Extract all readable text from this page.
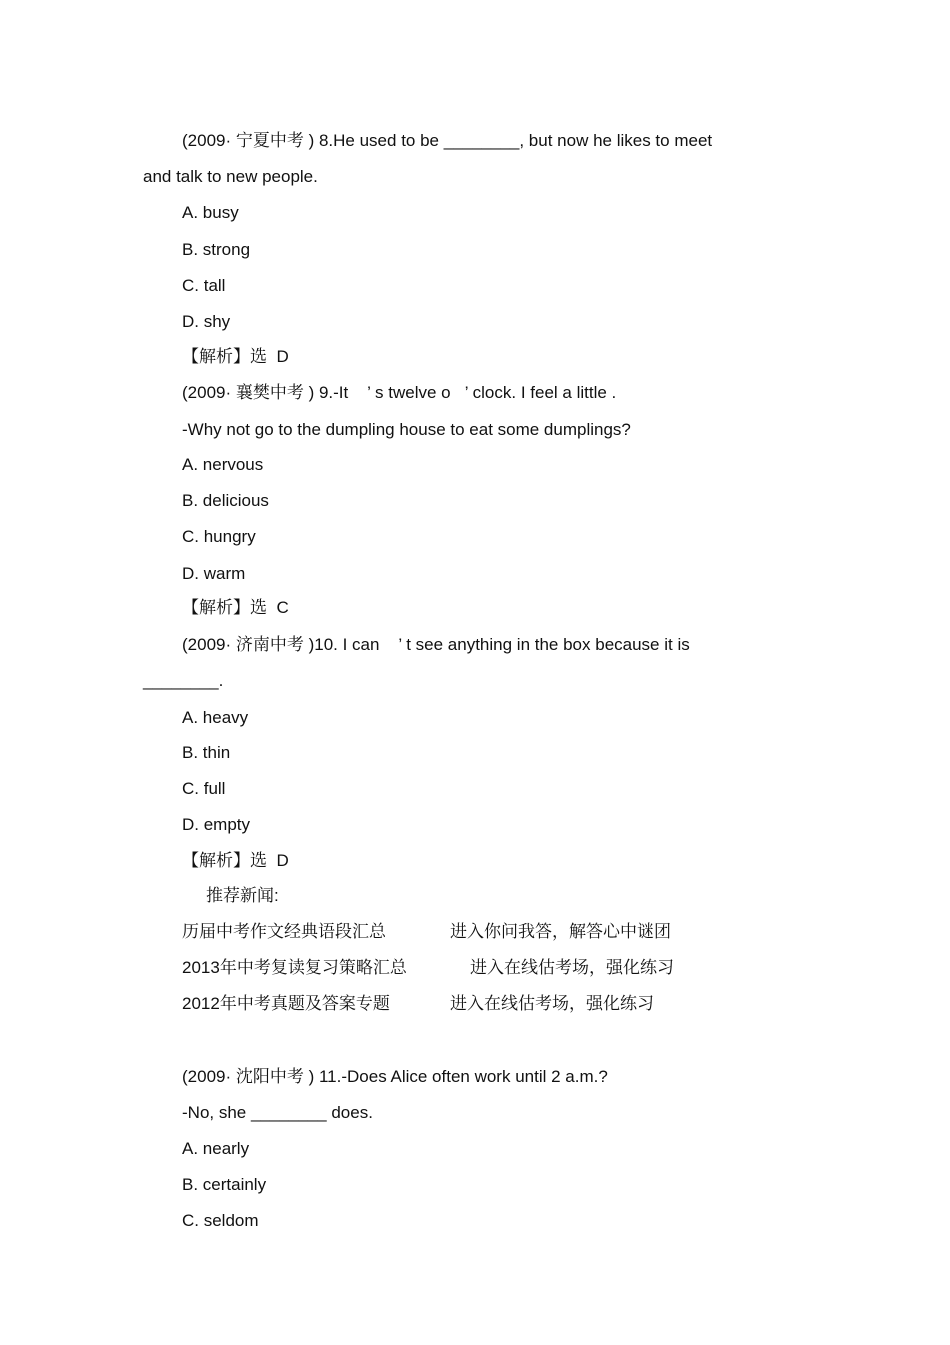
(2009· 宁夏中考 ) 8.He used to be ________, but now he likes to meet
and talk to new people.
A. busy
B. strong
C. tall
D. shy
【解析】选  D
(2009· 襄樊中考 ) 9.-It    ’ s twelve o   ’ clock. I feel a little .
-Why not go to the dumpling house to eat some dumplings?
A. nervous
B. delicious
C. hungry
D. warm
【解析】选  C
(2009· 济南中考 )10. I can    ’ t see anything in the box because it is
________.
A. heavy
B. thin
C. full
D. empty
【解析】选  D
推荐新闻:
历届中考作文经典语段汇总	进入你问我答，解答心中谜团
2013年中考复读复习策略汇总	进入在线估考场，强化练习
2012年中考真题及答案专题	进入在线估考场，强化练习
(2009· 沈阳中考 ) 11.-Does Alice often work until 2 a.m.?
-No, she ________ does.
A. nearly
B. certainly
C. seldom
